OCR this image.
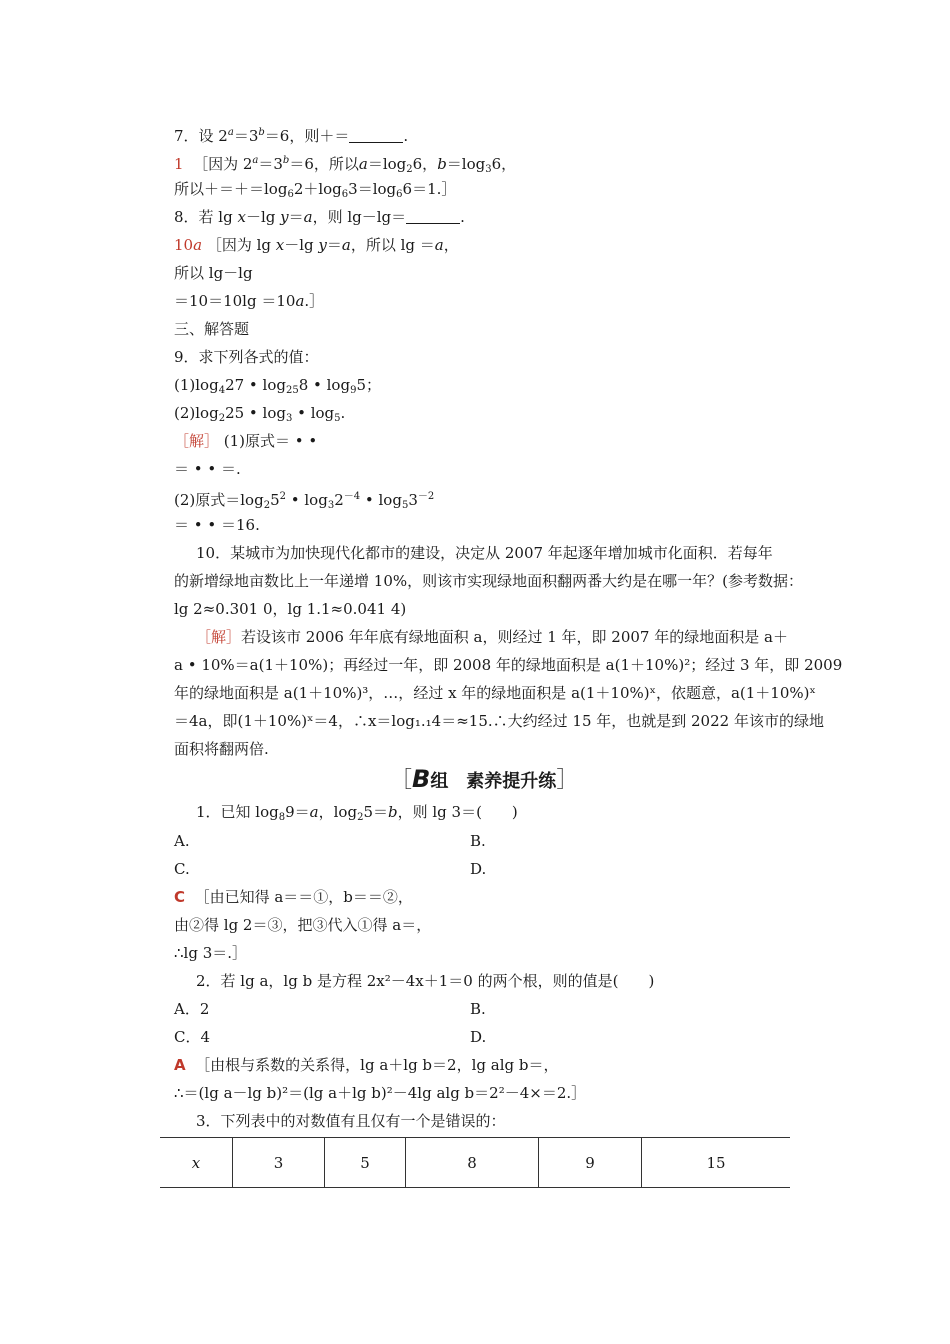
7．设 $2^a=3^b=6$，则＋＝	.
1 ［因为 $2^a=3^b=6$，所以$a=\log_26$，$b=\log_36$，
所以$+=+=\log_62+\log_63=\log_66=1.]$
8．若 lg x－lg y＝a，则 lg－lg＝	.
10a ［因为 lg x－lg y＝a，所以 lg ＝a，
所以 lg－lg
＝10＝10lg ＝10a.］
三、解答题
9．求下列各式的值：
$(1)\log_427$ • $\log_{25}8$ • $\log_95$；
$(2)\log_225$ • $\log_3$ • $\log_5$.
［解］ (1)原式＝ • •
＝ • • ＝.
(2)原式$=\log_25^2$ • $\log_32^{-4}$ • $\log_53^{-2}$
＝ • • ＝16.
10．某城市为加快现代化都市的建设，决定从 2007 年起逐年增加城市化面积．若每年
的新增绿地亩数比上一年递增 10%，则该市实现绿地面积翻两番大约是在哪一年？(参考数据：
lg 2≈0.301 0，lg 1.1≈0.041 4)
［解］若设该市 2006 年年底有绿地面积 a，则经过 1 年，即 2007 年的绿地面积是 a＋
a • 10%＝a(1＋10%)；再经过一年，即 2008 年的绿地面积是 a(1＋10%)²；经过 3 年，即 2009
年的绿地面积是 a(1＋10%)³，…，经过 x 年的绿地面积是 a(1＋10%)ˣ，依题意，a(1＋10%)ˣ
＝4a，即(1＋10%)ˣ＝4，∴x＝log₁.₁4＝≈15.∴大约经过 15 年，也就是到 2022 年该市的绿地
面积将翻两倍.
［B组　素养提升练］
1．已知 $\log_89=a$，$\log_25=b$，则 lg 3＝(　　)
A.	B.
C.	D.
C ［由已知得 a＝＝①，b＝＝②，
由②得 lg 2＝③，把③代入①得 a＝，
∴lg 3＝.］
2．若 lg a，lg b 是方程 2x²－4x＋1＝0 的两个根，则的值是(　　)
A．2	B.
C．4	D.
A ［由根与系数的关系得，lg a＋lg b＝2，lg alg b＝，
∴＝(lg a－lg b)²＝(lg a＋lg b)²－4lg alg b＝2²－4×＝2.］
3．下列表中的对数值有且仅有一个是错误的：
x	3	5	8	9	15
